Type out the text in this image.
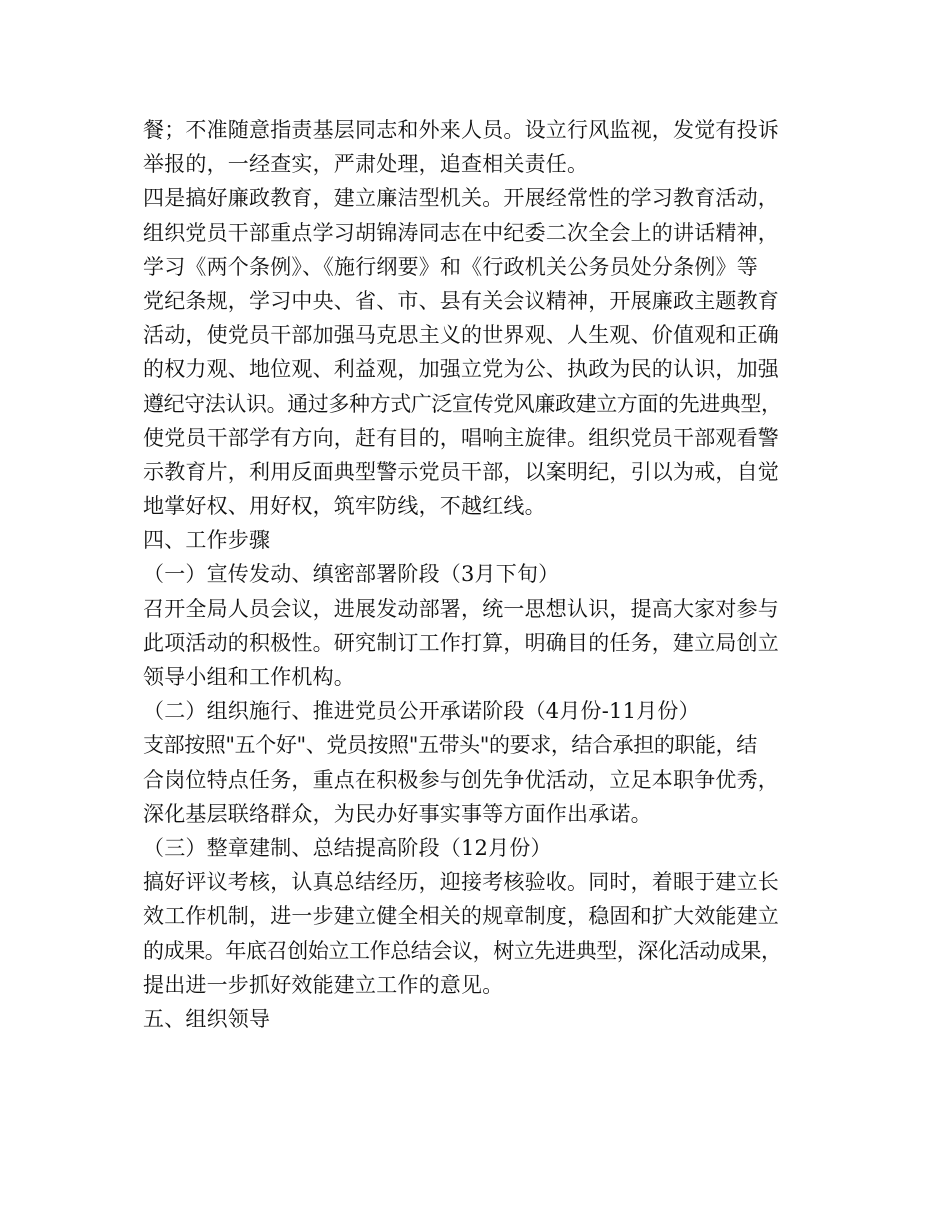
餐；不准随意指责基层同志和外来人员。设立行风监视，发觉有投诉
举报的，一经查实，严肃处理，追查相关责任。
四是搞好廉政教育，建立廉洁型机关。开展经常性的学习教育活动，
组织党员干部重点学习胡锦涛同志在中纪委二次全会上的讲话精神，
学习《两个条例》、《施行纲要》和《行政机关公务员处分条例》等
党纪条规，学习中央、省、市、县有关会议精神，开展廉政主题教育
活动，使党员干部加强马克思主义的世界观、人生观、价值观和正确
的权力观、地位观、利益观，加强立党为公、执政为民的认识，加强
遵纪守法认识。通过多种方式广泛宣传党风廉政建立方面的先进典型，
使党员干部学有方向，赶有目的，唱响主旋律。组织党员干部观看警
示教育片，利用反面典型警示党员干部，以案明纪，引以为戒，自觉
地掌好权、用好权，筑牢防线，不越红线。
四、工作步骤
（一）宣传发动、缜密部署阶段（3月下旬）
召开全局人员会议，进展发动部署，统一思想认识，提高大家对参与
此项活动的积极性。研究制订工作打算，明确目的任务，建立局创立
领导小组和工作机构。
（二）组织施行、推进党员公开承诺阶段（4月份-11月份）
支部按照"五个好"、党员按照"五带头"的要求，结合承担的职能，结
合岗位特点任务，重点在积极参与创先争优活动，立足本职争优秀，
深化基层联络群众，为民办好事实事等方面作出承诺。
（三）整章建制、总结提高阶段（12月份）
搞好评议考核，认真总结经历，迎接考核验收。同时，着眼于建立长
效工作机制，进一步建立健全相关的规章制度，稳固和扩大效能建立
的成果。年底召创始立工作总结会议，树立先进典型，深化活动成果，
提出进一步抓好效能建立工作的意见。
五、组织领导
